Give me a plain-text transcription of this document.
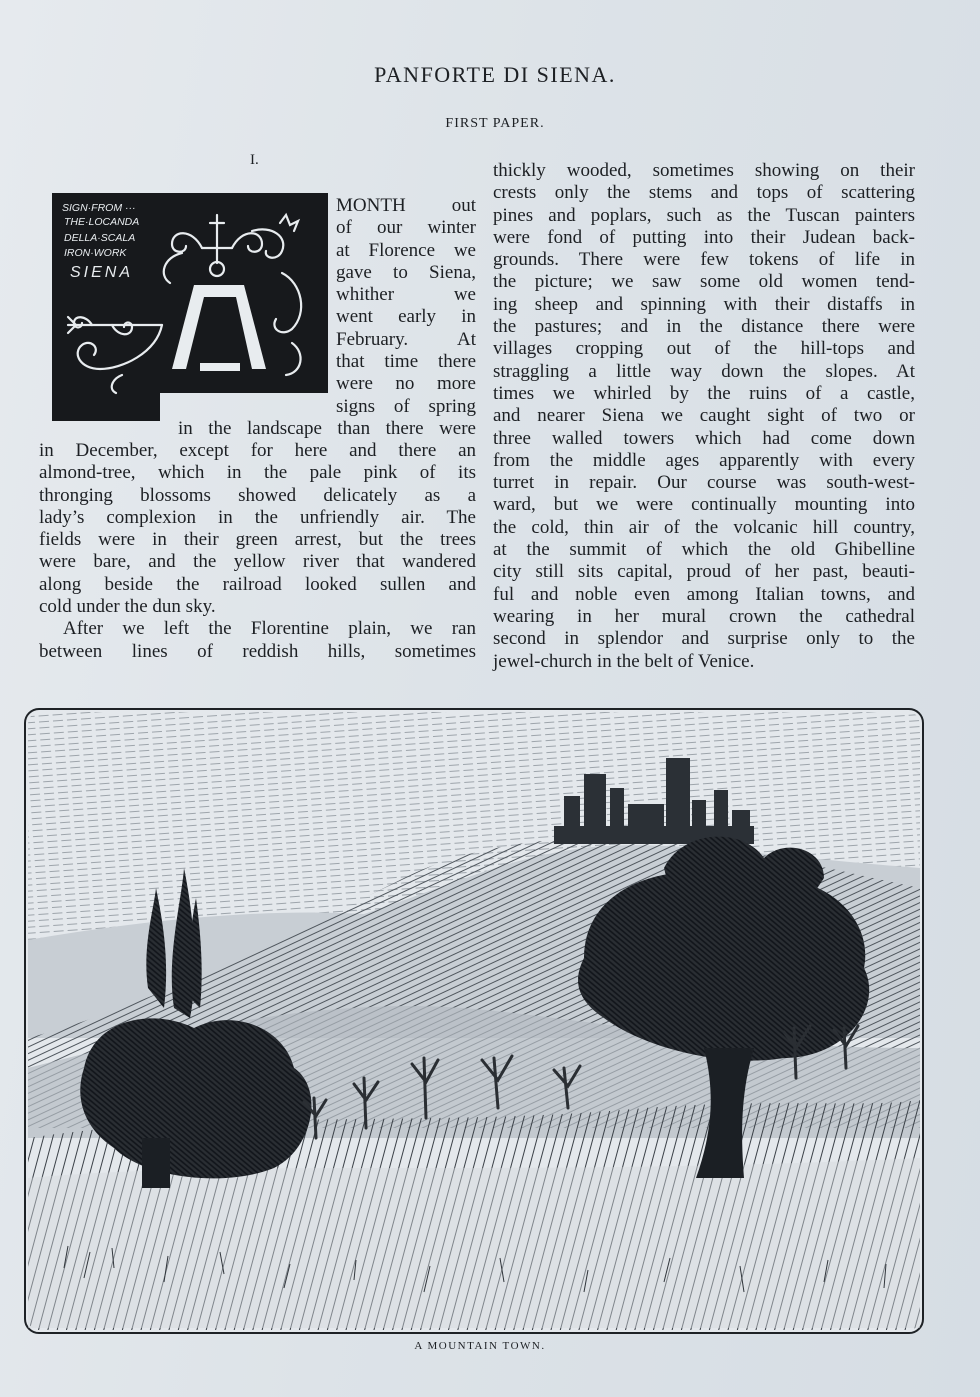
PANFORTE DI SIENA.
FIRST PAPER.
I.
SIGN·FROM ···
THE·LOCANDA
DELLA·SCALA
IRON·WORK
SIENA
MONTH out
of our winter
at Florence we
gave to Siena,
whither we
went early in
February. At
that time there
were no more
signs of spring
in the landscape than there were
in December, except for here and there an
almond-tree, which in the pale pink of its
thronging blossoms showed delicately as a
lady’s complexion in the unfriendly air. The
fields were in their green arrest, but the trees
were bare, and the yellow river that wandered
along beside the railroad looked sullen and
cold under the dun sky.
After we left the Florentine plain, we ran
between lines of reddish hills, sometimes
thickly wooded, sometimes showing on their
crests only the stems and tops of scattering
pines and poplars, such as the Tuscan painters
were fond of putting into their Judean back-
grounds. There were few tokens of life in
the picture; we saw some old women tend-
ing sheep and spinning with their distaffs in
the pastures; and in the distance there were
villages cropping out of the hill-tops and
straggling a little way down the slopes. At
times we whirled by the ruins of a castle,
and nearer Siena we caught sight of two or
three walled towers which had come down
from the middle ages apparently with every
turret in repair. Our course was south-west-
ward, but we were continually mounting into
the cold, thin air of the volcanic hill country,
at the summit of which the old Ghibelline
city still sits capital, proud of her past, beauti-
ful and noble even among Italian towns, and
wearing in her mural crown the cathedral
second in splendor and surprise only to the
jewel-church in the belt of Venice.
A MOUNTAIN TOWN.
